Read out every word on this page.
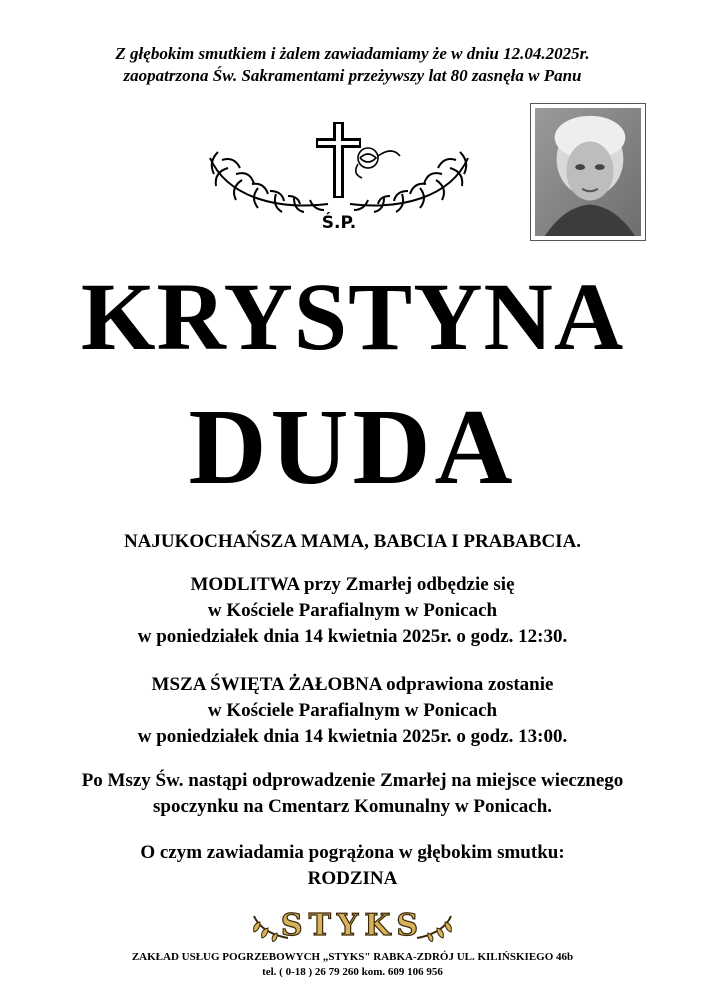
Z głębokim smutkiem i żalem zawiadamiamy że w dniu 12.04.2025r.
zaopatrzona Św. Sakramentami przeżywszy lat 80 zasnęła w Panu
Ś.P.
KRYSTYNA
DUDA
NAJUKOCHAŃSZA MAMA, BABCIA I PRABABCIA.
MODLITWA przy Zmarłej odbędzie się
w Kościele Parafialnym w Ponicach
w poniedziałek dnia 14 kwietnia 2025r. o godz. 12:30.
MSZA ŚWIĘTA ŻAŁOBNA odprawiona zostanie
w Kościele Parafialnym w Ponicach
w poniedziałek dnia 14 kwietnia 2025r. o godz. 13:00.
Po Mszy Św. nastąpi odprowadzenie Zmarłej na miejsce wiecznego
spoczynku na Cmentarz Komunalny w Ponicach.
O czym zawiadamia pogrążona w głębokim smutku:
RODZINA
STYKS
ZAKŁAD USŁUG POGRZEBOWYCH „STYKS" RABKA-ZDRÓJ UL. KILIŃSKIEGO 46b
tel. ( 0-18 ) 26 79 260 kom. 609 106 956
